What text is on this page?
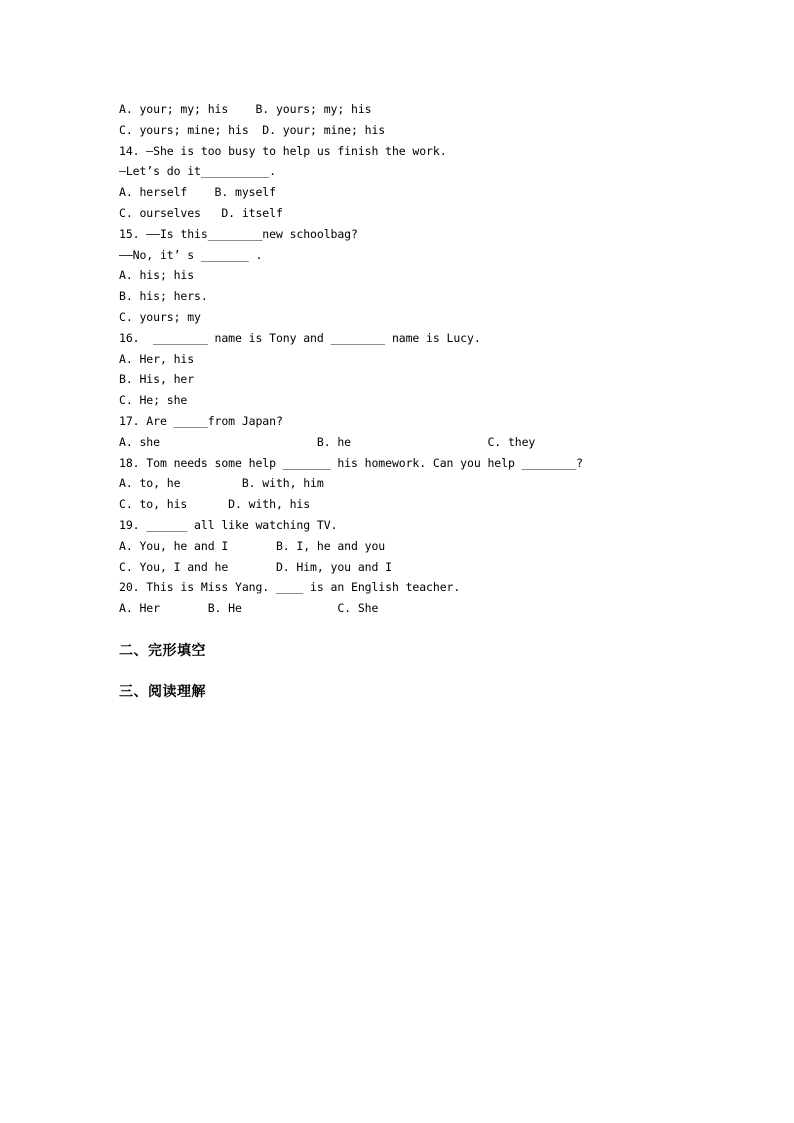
A. your; my; his    B. yours; my; his
C. yours; mine; his  D. your; mine; his
14. —She is too busy to help us finish the work.
—Let’s do it__________.
A. herself    B. myself
C. ourselves   D. itself
15. ——Is this________new schoolbag?
——No, it’ s _______ .
A. his; his
B. his; hers.
C. yours; my
16.  ________ name is Tony and ________ name is Lucy.
A. Her, his
B. His, her
C. He; she
17. Are _____from Japan?
A. she                       B. he                    C. they
18. Tom needs some help _______ his homework. Can you help ________?
A. to, he         B. with, him
C. to, his      D. with, his
19. ______ all like watching TV.
A. You, he and I       B. I, he and you
C. You, I and he       D. Him, you and I
20. This is Miss Yang. ____ is an English teacher.
A. Her       B. He              C. She
二、完形填空
三、阅读理解
